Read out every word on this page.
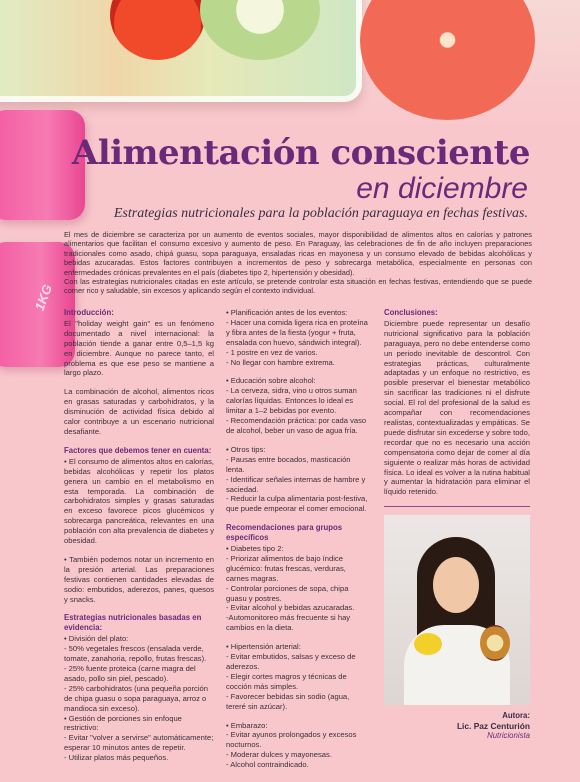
1KG
Alimentación consciente
en diciembre

Estrategias nutricionales para la población paraguaya en fechas festivas.

El mes de diciembre se caracteriza por un aumento de eventos sociales, mayor disponibilidad de alimentos altos en calorías y patrones alimentarios que facilitan el consumo excesivo y aumento de peso. En Paraguay, las celebraciones de fin de año incluyen preparaciones tradicionales como asado, chipá guasu, sopa paraguaya, ensaladas ricas en mayonesa y un consumo elevado de bebidas alcohólicas y bebidas azucaradas. Estos factores contribuyen a incrementos de peso y sobrecarga metabólica, especialmente en personas con enfermedades crónicas prevalentes en el país (diabetes tipo 2, hipertensión y obesidad).

Con las estrategias nutricionales citadas en este artículo, se pretende controlar esta situación en fechas festivas, entendiendo que se puede comer rico y saludable, sin excesos y aplicando según el contexto individual.

Introducción:

El "holiday weight gain" es un fenómeno documentado a nivel internacional: la población tiende a ganar entre 0,5–1,5 kg en diciembre. Aunque no parece tanto, el problema es que ese peso se mantiene a largo plazo.

La combinación de alcohol, alimentos ricos en grasas saturadas y carbohidratos, y la disminución de actividad física debido al calor contribuye a un escenario nutricional desafiante.

Factores que debemos tener en cuenta:

• El consumo de alimentos altos en calorías, bebidas alcohólicas y repetir los platos genera un cambio en el metabolismo en esta temporada. La combinación de carbohidratos simples y grasas saturadas en exceso favorece picos glucémicos y sobrecarga pancreática, relevantes en una población con alta prevalencia de diabetes y obesidad.

• También podemos notar un incremento en la presión arterial. Las preparaciones festivas contienen cantidades elevadas de sodio: embutidos, aderezos, panes, quesos y snacks.

Estrategias nutricionales basadas en evidencia:

• División del plato:

- 50% vegetales frescos (ensalada verde, tomate, zanahoria, repollo, frutas frescas).

- 25% fuente proteica (carne magra del asado, pollo sin piel, pescado).

- 25% carbohidratos (una pequeña porción de chipa guasu o sopa paraguaya, arroz o mandioca sin exceso).

• Gestión de porciones sin enfoque restrictivo:

- Evitar "volver a servirse" automáticamente; esperar 10 minutos antes de repetir.

- Utilizar platos más pequeños.

• Planificación antes de los eventos:

- Hacer una comida ligera rica en proteína y fibra antes de la fiesta (yogur + fruta, ensalada con huevo, sándwich integral).

- 1 postre en vez de varios.

- No llegar con hambre extrema.

• Educación sobre alcohol:

- La cerveza, sidra, vino u otros suman calorías líquidas. Entonces lo ideal es limitar a 1–2 bebidas por evento.

- Recomendación práctica: por cada vaso de alcohol, beber un vaso de agua fría.

• Otros tips:

- Pausas entre bocados, masticación lenta.

- Identificar señales internas de hambre y saciedad.

- Reducir la culpa alimentaria post-festiva, que puede empeorar el comer emocional.

Recomendaciones para grupos específicos

• Diabetes tipo 2:

- Priorizar alimentos de bajo índice glucémico: frutas frescas, verduras, carnes magras.

- Controlar porciones de sopa, chipa guasu y postres.

- Evitar alcohol y bebidas azucaradas.

-Automonitoreo más frecuente si hay cambios en la dieta.

• Hipertensión arterial:

- Evitar embutidos, salsas y exceso de aderezos.

- Elegir cortes magros y técnicas de cocción más simples.

- Favorecer bebidas sin sodio (agua, tereré sin azúcar).

• Embarazo:

- Evitar ayunos prolongados y excesos nocturnos.

- Moderar dulces y mayonesas.

- Alcohol contraindicado.

Conclusiones:

Diciembre puede representar un desafío nutricional significativo para la población paraguaya, pero no debe entenderse como un periodo inevitable de descontrol. Con estrategias prácticas, culturalmente adaptadas y un enfoque no restrictivo, es posible preservar el bienestar metabólico sin sacrificar las tradiciones ni el disfrute social. El rol del profesional de la salud es acompañar con recomendaciones realistas, contextualizadas y empáticas. Se puede disfrutar sin excederse y sobre todo, recordar que no es necesario una acción compensatoria como dejar de comer al día siguiente o realizar más horas de actividad física. Lo ideal es volver a la rutina habitual y aumentar la hidratación para eliminar el líquido retenido.

Autora:
Lic. Paz Centurión
Nutricionista
